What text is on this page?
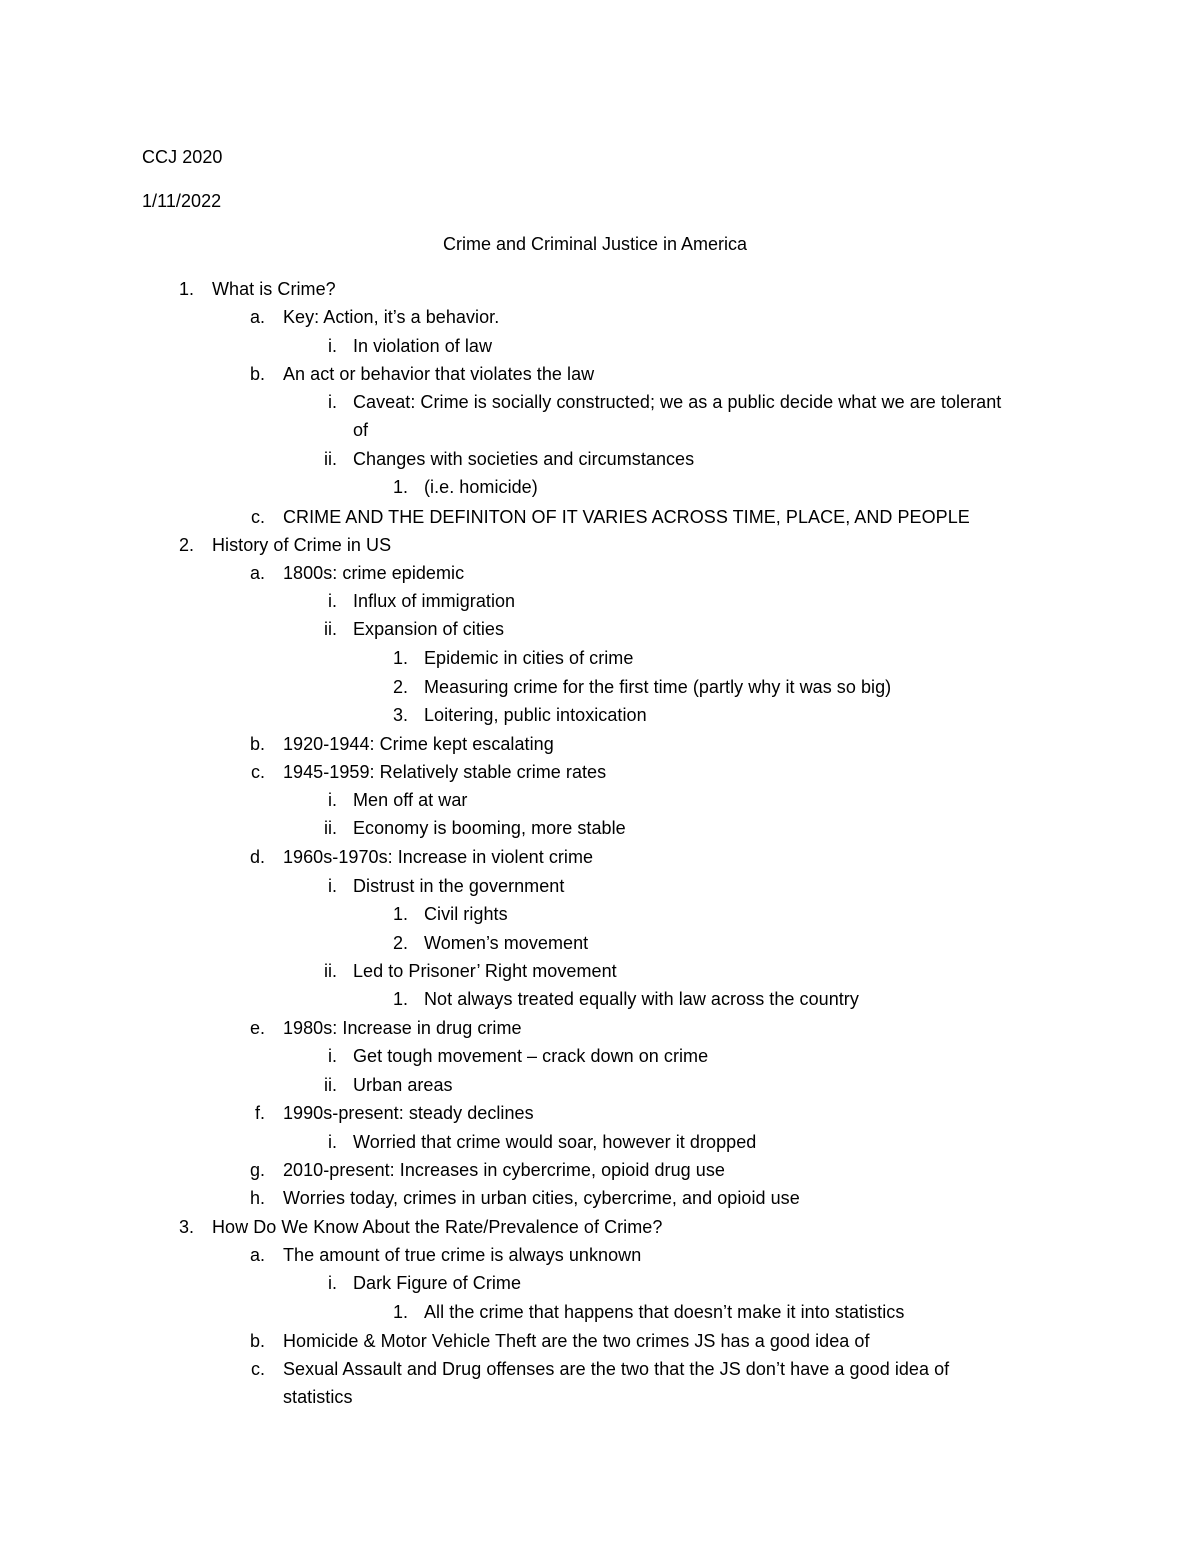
CCJ 2020
1/11/2022
Crime and Criminal Justice in America
1. What is Crime?
a. Key: Action, it’s a behavior.
i. In violation of law
b. An act or behavior that violates the law
i. Caveat: Crime is socially constructed; we as a public decide what we are tolerant
of
ii. Changes with societies and circumstances
1. (i.e. homicide)
c. CRIME AND THE DEFINITON OF IT VARIES ACROSS TIME, PLACE, AND PEOPLE
2. History of Crime in US
a. 1800s: crime epidemic
i. Influx of immigration
ii. Expansion of cities
1. Epidemic in cities of crime
2. Measuring crime for the first time (partly why it was so big)
3. Loitering, public intoxication
b. 1920-1944: Crime kept escalating
c. 1945-1959: Relatively stable crime rates
i. Men off at war
ii. Economy is booming, more stable
d. 1960s-1970s: Increase in violent crime
i. Distrust in the government
1. Civil rights
2. Women’s movement
ii. Led to Prisoner’ Right movement
1. Not always treated equally with law across the country
e. 1980s: Increase in drug crime
i. Get tough movement – crack down on crime
ii. Urban areas
f. 1990s-present: steady declines
i. Worried that crime would soar, however it dropped
g. 2010-present: Increases in cybercrime, opioid drug use
h. Worries today, crimes in urban cities, cybercrime, and opioid use
3. How Do We Know About the Rate/Prevalence of Crime?
a. The amount of true crime is always unknown
i. Dark Figure of Crime
1. All the crime that happens that doesn’t make it into statistics
b. Homicide & Motor Vehicle Theft are the two crimes JS has a good idea of
c. Sexual Assault and Drug offenses are the two that the JS don’t have a good idea of
statistics
